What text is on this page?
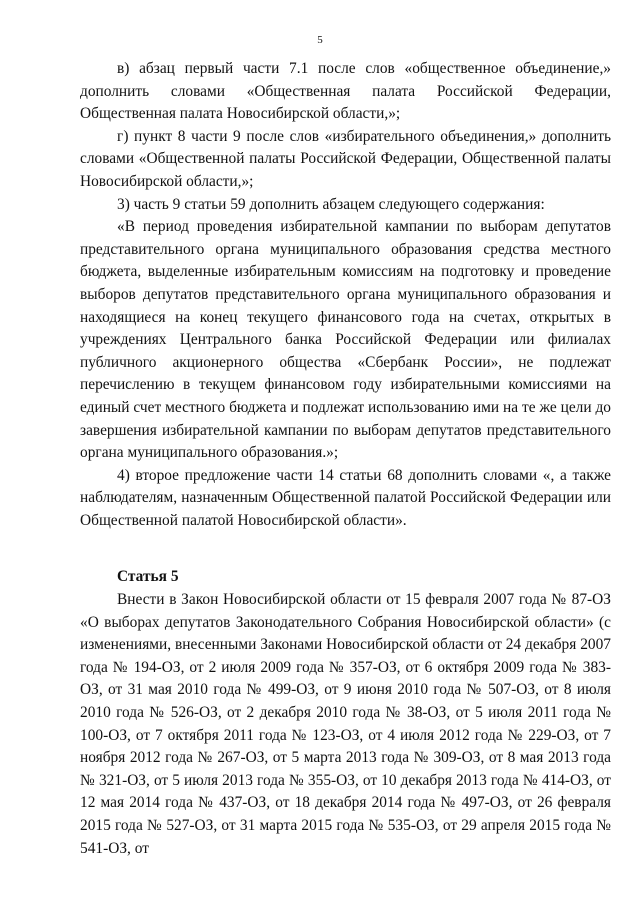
5

в) абзац первый части 7.1 после слов «общественное объединение,» дополнить словами «Общественная палата Российской Федерации, Общественная палата Новосибирской области,»;

г) пункт 8 части 9 после слов «избирательного объединения,» дополнить словами «Общественной палаты Российской Федерации, Общественной палаты Новосибирской области,»;

3) часть 9 статьи 59 дополнить абзацем следующего содержания:

«В период проведения избирательной кампании по выборам депутатов представительного органа муниципального образования средства местного бюджета, выделенные избирательным комиссиям на подготовку и проведение выборов депутатов представительного органа муниципального образования и находящиеся на конец текущего финансового года на счетах, открытых в учреждениях Центрального банка Российской Федерации или филиалах публичного акционерного общества «Сбербанк России», не подлежат перечислению в текущем финансовом году избирательными комиссиями на единый счет местного бюджета и подлежат использованию ими на те же цели до завершения избирательной кампании по выборам депутатов представительного органа муниципального образования.»;

4) второе предложение части 14 статьи 68 дополнить словами «, а также наблюдателям, назначенным Общественной палатой Российской Федерации или Общественной палатой Новосибирской области».

Статья 5

Внести в Закон Новосибирской области от 15 февраля 2007 года № 87-ОЗ «О выборах депутатов Законодательного Собрания Новосибирской области» (с изменениями, внесенными Законами Новосибирской области от 24 декабря 2007 года № 194-ОЗ, от 2 июля 2009 года № 357-ОЗ, от 6 октября 2009 года № 383-ОЗ, от 31 мая 2010 года № 499-ОЗ, от 9 июня 2010 года № 507-ОЗ, от 8 июля 2010 года № 526-ОЗ, от 2 декабря 2010 года № 38-ОЗ, от 5 июля 2011 года № 100-ОЗ, от 7 октября 2011 года № 123-ОЗ, от 4 июля 2012 года № 229-ОЗ, от 7 ноября 2012 года № 267-ОЗ, от 5 марта 2013 года № 309-ОЗ, от 8 мая 2013 года № 321-ОЗ, от 5 июля 2013 года № 355-ОЗ, от 10 декабря 2013 года № 414-ОЗ, от 12 мая 2014 года № 437-ОЗ, от 18 декабря 2014 года № 497-ОЗ, от 26 февраля 2015 года № 527-ОЗ, от 31 марта 2015 года № 535-ОЗ, от 29 апреля 2015 года № 541-ОЗ, от
